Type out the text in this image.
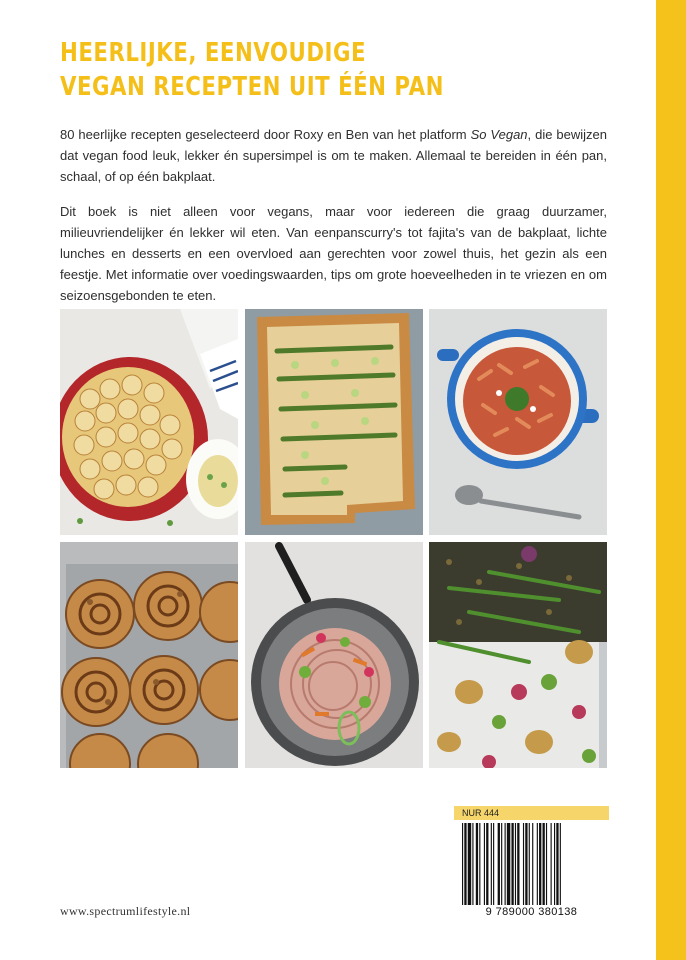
HEERLIJKE, EENVOUDIGE
VEGAN RECEPTEN UIT ÉÉN PAN

80 heerlijke recepten geselecteerd door Roxy en Ben van het platform So Vegan, die bewijzen dat vegan food leuk, lekker én supersimpel is om te maken. Allemaal te bereiden in één pan, schaal, of op één bakplaat.

Dit boek is niet alleen voor vegans, maar voor iedereen die graag duurzamer, milieuvriendelijker én lekker wil eten. Van eenpanscurry's tot fajita's van de bakplaat, lichte lunches en desserts en een overvloed aan gerechten voor zowel thuis, het gezin als een feestje. Met informatie over voedingswaarden, tips om grote hoeveelheden in te vriezen en om seizoensgebonden te eten.

NUR 444
9 789000 380138
www.spectrumlifestyle.nl
